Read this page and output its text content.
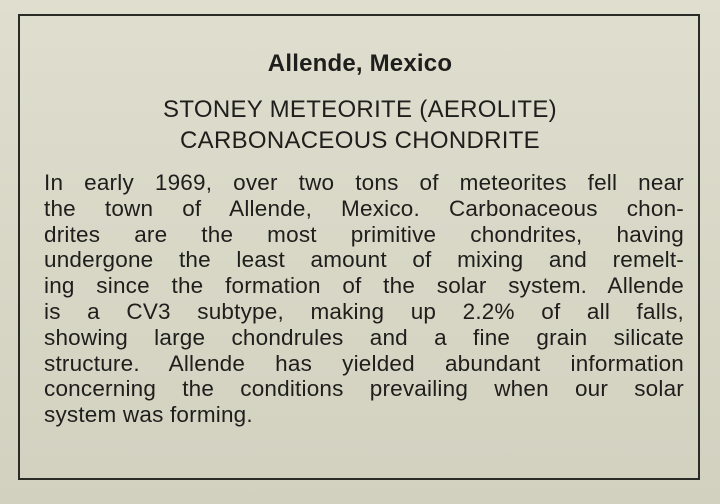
Allende, Mexico
STONEY METEORITE (AEROLITE)
CARBONACEOUS CHONDRITE
In early 1969, over two tons of meteorites fell near
the town of Allende, Mexico. Carbonaceous chon-
drites are the most primitive chondrites, having
undergone the least amount of mixing and remelt-
ing since the formation of the solar system. Allende
is a CV3 subtype, making up 2.2% of all falls,
showing large chondrules and a fine grain silicate
structure. Allende has yielded abundant information
concerning the conditions prevailing when our solar
system was forming.
